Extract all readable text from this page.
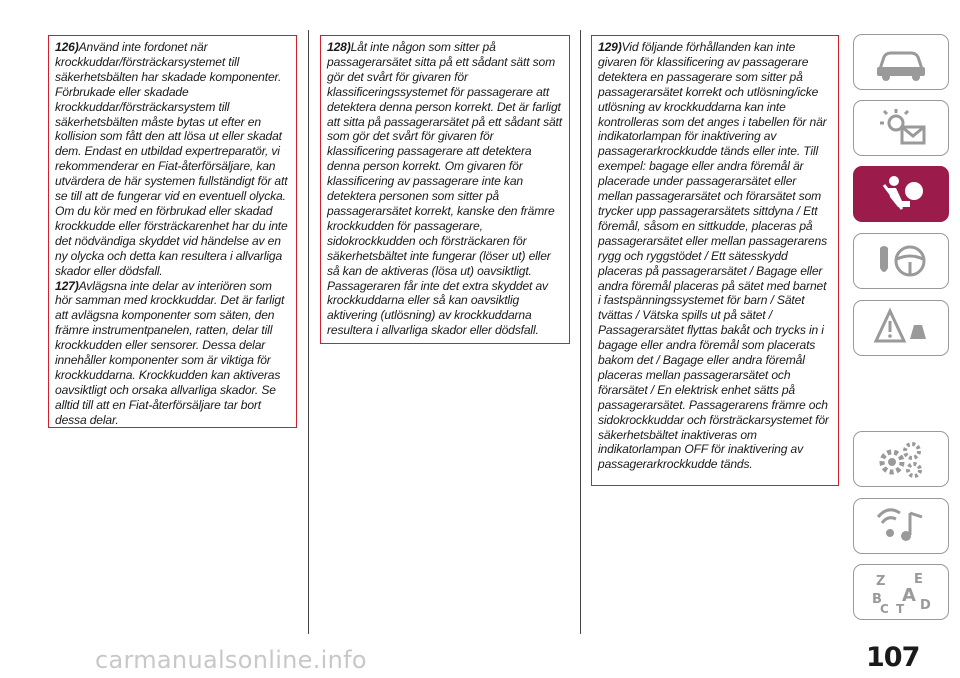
126)Använd inte fordonet när krockkuddar/försträckarsystemet till säkerhetsbälten har skadade komponenter. Förbrukade eller skadade krockkuddar/försträckarsystem till säkerhetsbälten måste bytas ut efter en kollision som fått den att lösa ut eller skadat dem. Endast en utbildad expertreparatör, vi rekommenderar en Fiat-återförsäljare, kan utvärdera de här systemen fullständigt för att se till att de fungerar vid en eventuell olycka. Om du kör med en förbrukad eller skadad krockkudde eller försträckarenhet har du inte det nödvändiga skyddet vid händelse av en ny olycka och detta kan resultera i allvarliga skador eller dödsfall.

127)Avlägsna inte delar av interiören som hör samman med krockkuddar. Det är farligt att avlägsna komponenter som säten, den främre instrumentpanelen, ratten, delar till krockkudden eller sensorer. Dessa delar innehåller komponenter som är viktiga för krockkuddarna. Krockkudden kan aktiveras oavsiktligt och orsaka allvarliga skador. Se alltid till att en Fiat-återförsäljare tar bort dessa delar.

128)Låt inte någon som sitter på passagerarsätet sitta på ett sådant sätt som gör det svårt för givaren för klassificeringssystemet för passagerare att detektera denna person korrekt. Det är farligt att sitta på passagerarsätet på ett sådant sätt som gör det svårt för givaren för klassificering passagerare att detektera denna person korrekt. Om givaren för klassificering av passagerare inte kan detektera personen som sitter på passagerarsätet korrekt, kanske den främre krockkudden för passagerare, sidokrockkudden och försträckaren för säkerhetsbältet inte fungerar (löser ut) eller så kan de aktiveras (lösa ut) oavsiktligt. Passageraren får inte det extra skyddet av krockkuddarna eller så kan oavsiktlig aktivering (utlösning) av krockkuddarna resultera i allvarliga skador eller dödsfall.

129)Vid följande förhållanden kan inte givaren för klassificering av passagerare detektera en passagerare som sitter på passagerarsätet korrekt och utlösning/icke utlösning av krockkuddarna kan inte kontrolleras som det anges i tabellen för när indikatorlampan för inaktivering av passagerarkrockkudde tänds eller inte. Till exempel: bagage eller andra föremål är placerade under passagerarsätet eller mellan passagerarsätet och förarsätet som trycker upp passagerarsätets sittdyna / Ett föremål, såsom en sittkudde, placeras på passagerarsätet eller mellan passagerarens rygg och ryggstödet / Ett sätesskydd placeras på passagerarsätet / Bagage eller andra föremål placeras på sätet med barnet i fastspänningssystemet för barn / Sätet tvättas / Vätska spills ut på sätet / Passagerarsätet flyttas bakåt och trycks in i bagage eller andra föremål som placerats bakom det / Bagage eller andra föremål placeras mellan passagerarsätet och förarsätet / En elektrisk enhet sätts på passagerarsätet. Passagerarens främre och sidokrockkuddar och försträckarsystemet för säkerhetsbältet inaktiveras om indikatorlampan OFF för inaktivering av passagerarkrockkudde tänds.

Z E
B A
C T D
carmanualsonline.info	107
